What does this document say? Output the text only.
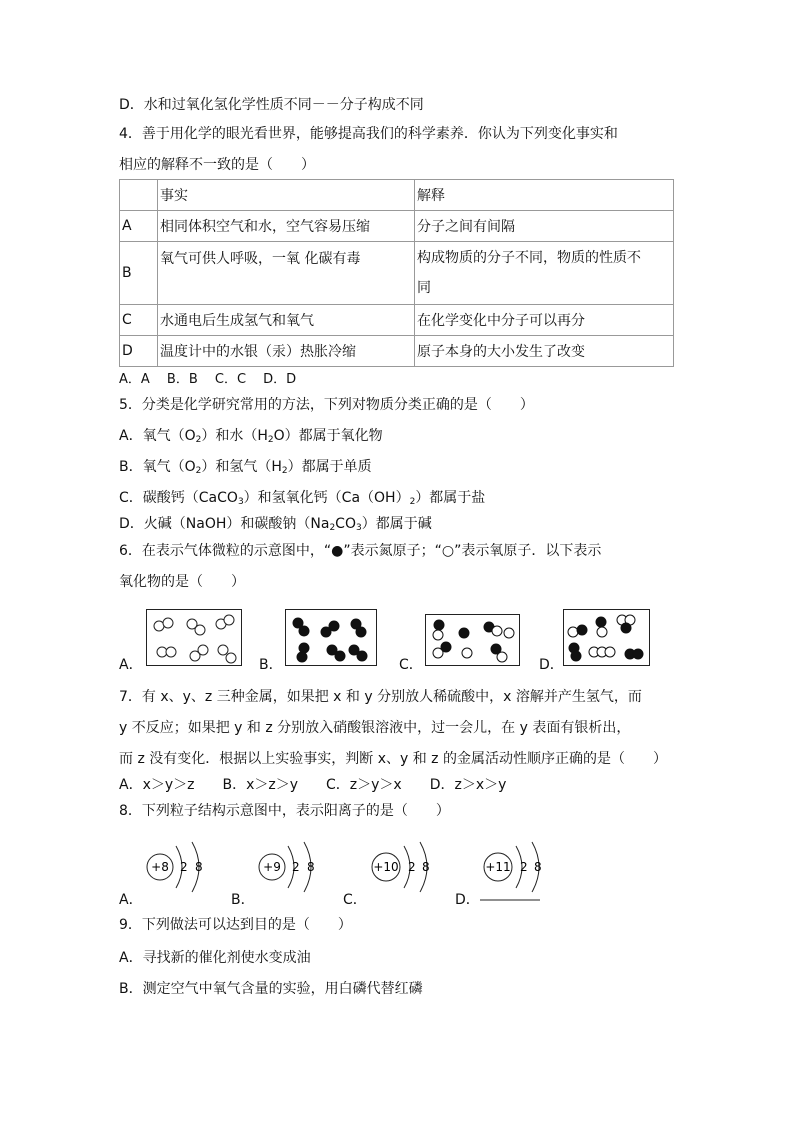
D．水和过氧化氢化学性质不同－－分子构成不同
4．善于用化学的眼光看世界，能够提高我们的科学素养．你认为下列变化事实和
相应的解释不一致的是（　　）
	事实	解释
A	相同体积空气和水，空气容易压缩	分子之间有间隔
B	氧气可供人呼吸，一氧 化碳有毒	构成物质的分子不同，物质的性质不
同

C	水通电后生成氢气和氧气	在化学变化中分子可以再分
D	温度计中的水银（汞）热胀冷缩	原子本身的大小发生了改变
A．A　 B．B　 C．C　 D．D
5．分类是化学研究常用的方法，下列对物质分类正确的是（　　）
A．氧气$(O_2)$和水$(H_2O)$都属于氧化物
B．氧气$(O_2)$和氢气$(H_2)$都属于单质
C．碳酸钙（CaCO$_3$）和氢氧化钙$(Ca(OH)_2)$都属于盐
D．火碱（NaOH）和碳酸钠$(Na_2CO_3)$都属于碱
6．在表示气体微粒的示意图中，“●”表示氮原子；“○”表示氧原子．以下表示
氧化物的是（　　）
A．	B．	C．	D．
7．有 x、y、z 三种金属，如果把 x 和 y 分别放人稀硫酸中，x 溶解并产生氢气，而
y 不反应；如果把 y 和 z 分别放入硝酸银溶液中，过一会儿，在 y 表面有银析出，
而 z 没有变化．根据以上实验事实，判断 x、y 和 z 的金属活动性顺序正确的是（　　）
A．x＞y＞z　　B．x＞z＞y　　C．z＞y＞x　　D．z＞x＞y
8．下列粒子结构示意图中，表示阳离子的是（　　）
A．
+8 2 8
B．
+9 2 8
C．
+10 2 8
D．
+11 2 8
9．下列做法可以达到目的是（　　）
A．寻找新的催化剂使水变成油
B．测定空气中氧气含量的实验，用白磷代替红磷
